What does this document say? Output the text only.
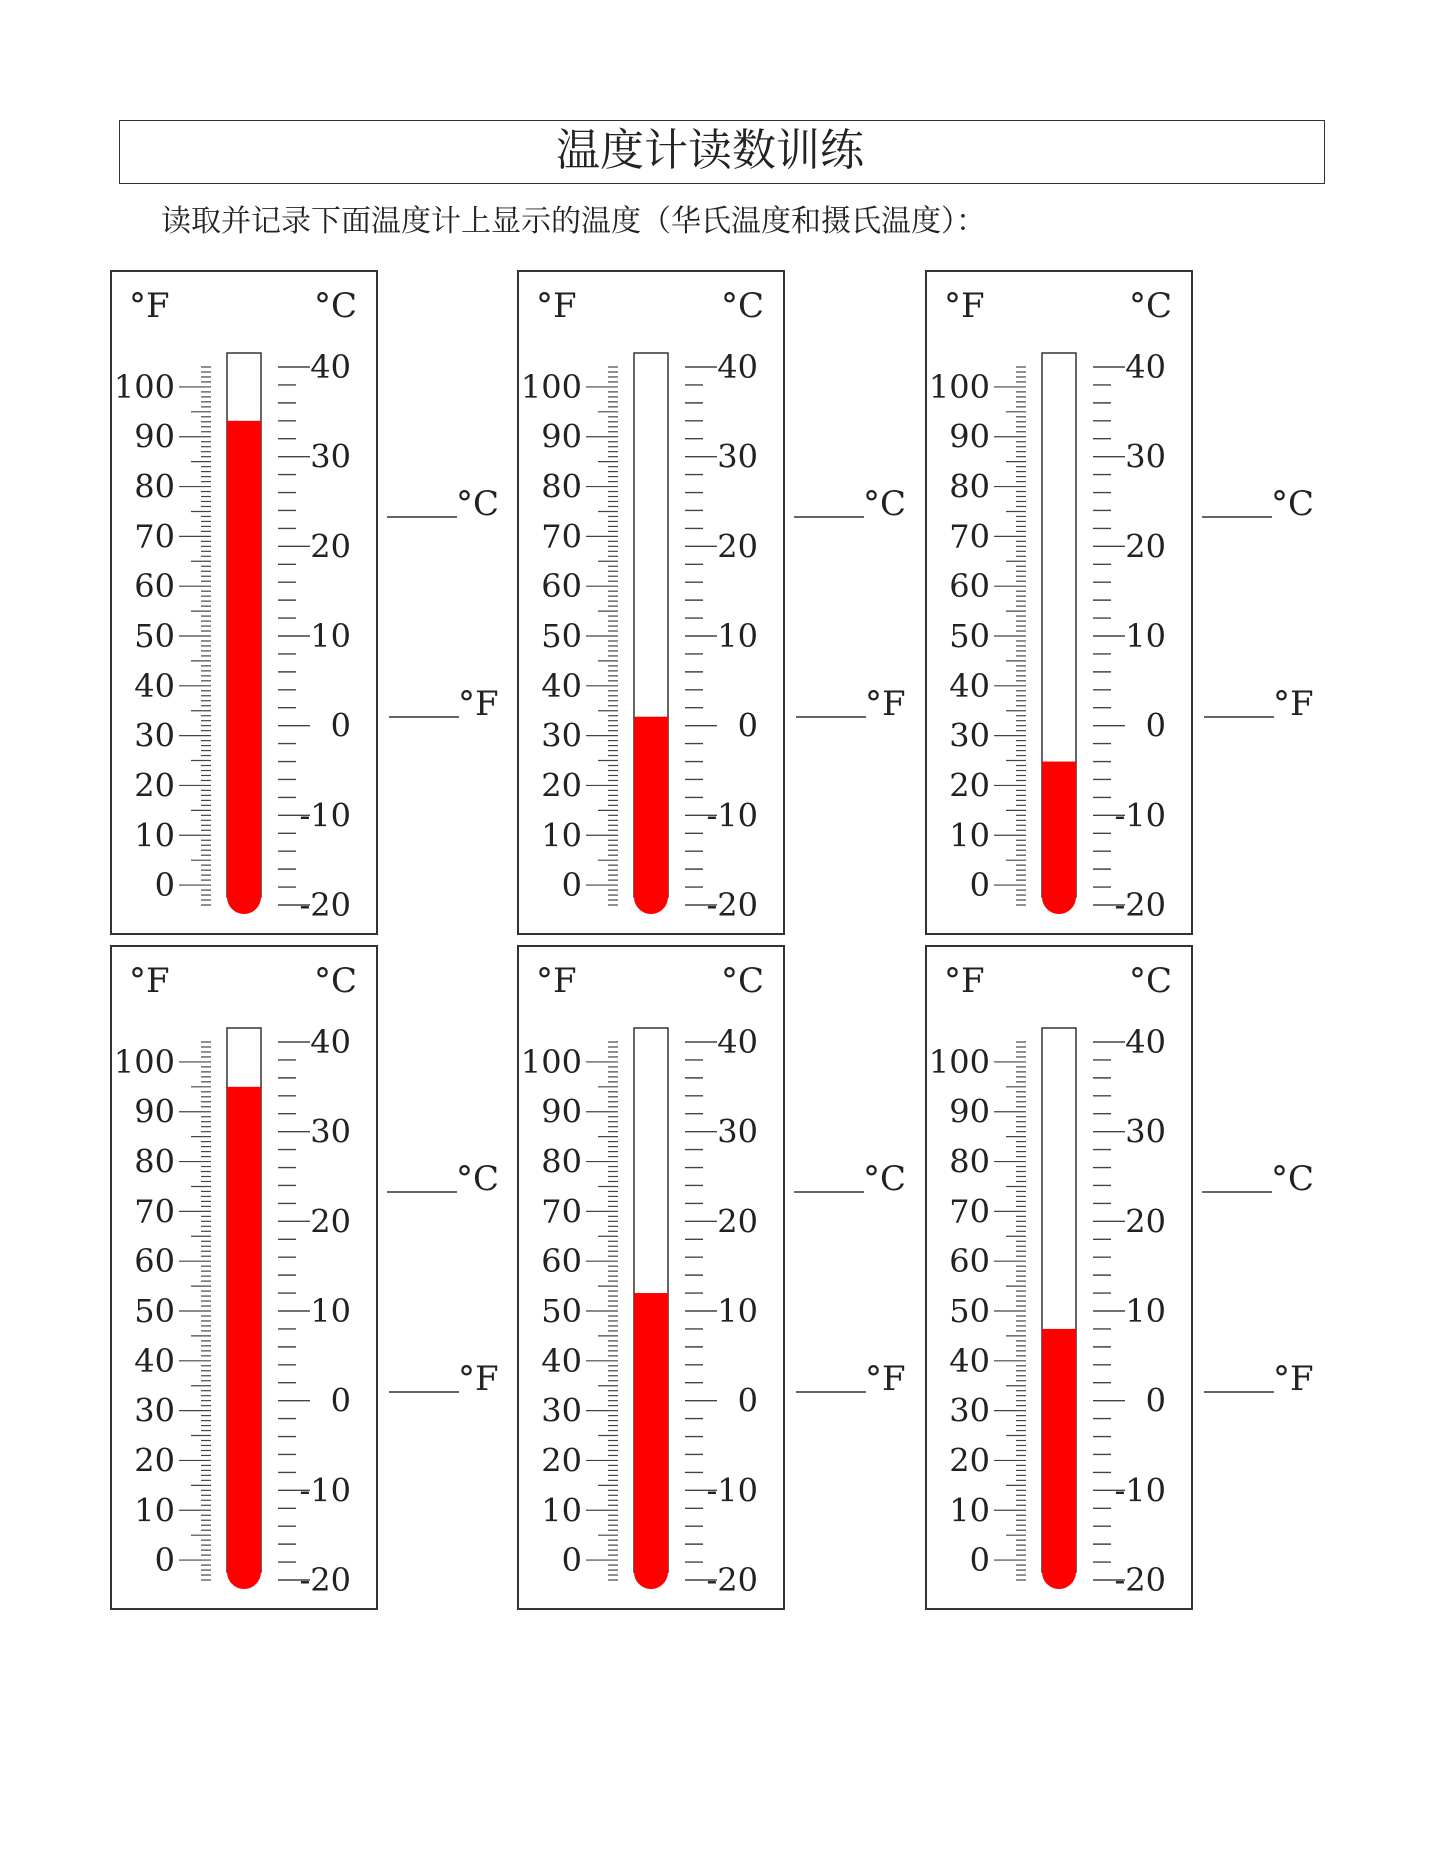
温度计读数训练
读取并记录下面温度计上显示的温度（华氏温度和摄氏温度）：
°F	°C
100
90
80
70
60
50
40
30
20
10
0
40
30
20
10
0
-10
-20
°C
°F
°F	°C
100
90
80
70
60
50
40
30
20
10
0
40
30
20
10
0
-10
-20
°C
°F
°F	°C
100
90
80
70
60
50
40
30
20
10
0
40
30
20
10
0
-10
-20
°C
°F
°F	°C
100
90
80
70
60
50
40
30
20
10
0
40
30
20
10
0
-10
-20
°C
°F
°F	°C
100
90
80
70
60
50
40
30
20
10
0
40
30
20
10
0
-10
-20
°C
°F
°F	°C
100
90
80
70
60
50
40
30
20
10
0
40
30
20
10
0
-10
-20
°C
°F
